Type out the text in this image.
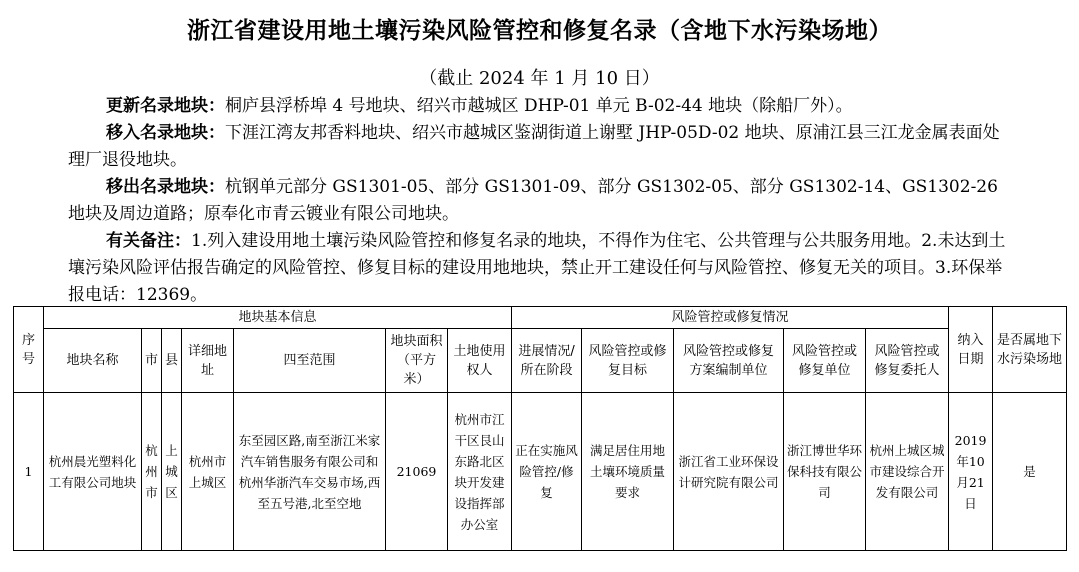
浙江省建设用地土壤污染风险管控和修复名录（含地下水污染场地）
（截止 2024 年 1 月 10 日）
更新名录地块：桐庐县浮桥埠 4 号地块、绍兴市越城区 DHP-01 单元 B-02-44 地块（除船厂外）。
移入名录地块：下涯江湾友邦香料地块、绍兴市越城区鉴湖街道上谢墅 JHP-05D-02 地块、原浦江县三江龙金属表面处理厂退役地块。
移出名录地块：杭钢单元部分 GS1301-05、部分 GS1301-09、部分 GS1302-05、部分 GS1302-14、GS1302-26 地块及周边道路；原奉化市青云镀业有限公司地块。
有关备注：1.列入建设用地土壤污染风险管控和修复名录的地块，不得作为住宅、公共管理与公共服务用地。2.未达到土壤污染风险评估报告确定的风险管控、修复目标的建设用地地块，禁止开工建设任何与风险管控、修复无关的项目。3.环保举报电话：12369。
序号	地块基本信息							风险管控或修复情况					纳入日期	是否属地下水污染场地
	地块名称	市	县	详细地址	四至范围	地块面积（平方米）	土地使用权人	进展情况/所在阶段	风险管控或修复目标	风险管控或修复方案编制单位	风险管控或修复单位	风险管控或修复委托人		
1	杭州晨光塑料化工有限公司地块	杭州市	上城区	杭州市上城区	东至园区路,南至浙江米家汽车销售服务有限公司和杭州华浙汽车交易市场,西至五号港,北至空地	21069	杭州市江干区艮山东路北区块开发建设指挥部办公室	正在实施风险管控/修复	满足居住用地土壤环境质量要求	浙江省工业环保设计研究院有限公司	浙江博世华环保科技有限公司	杭州上城区城市建设综合开发有限公司	2019年10月21日	是
